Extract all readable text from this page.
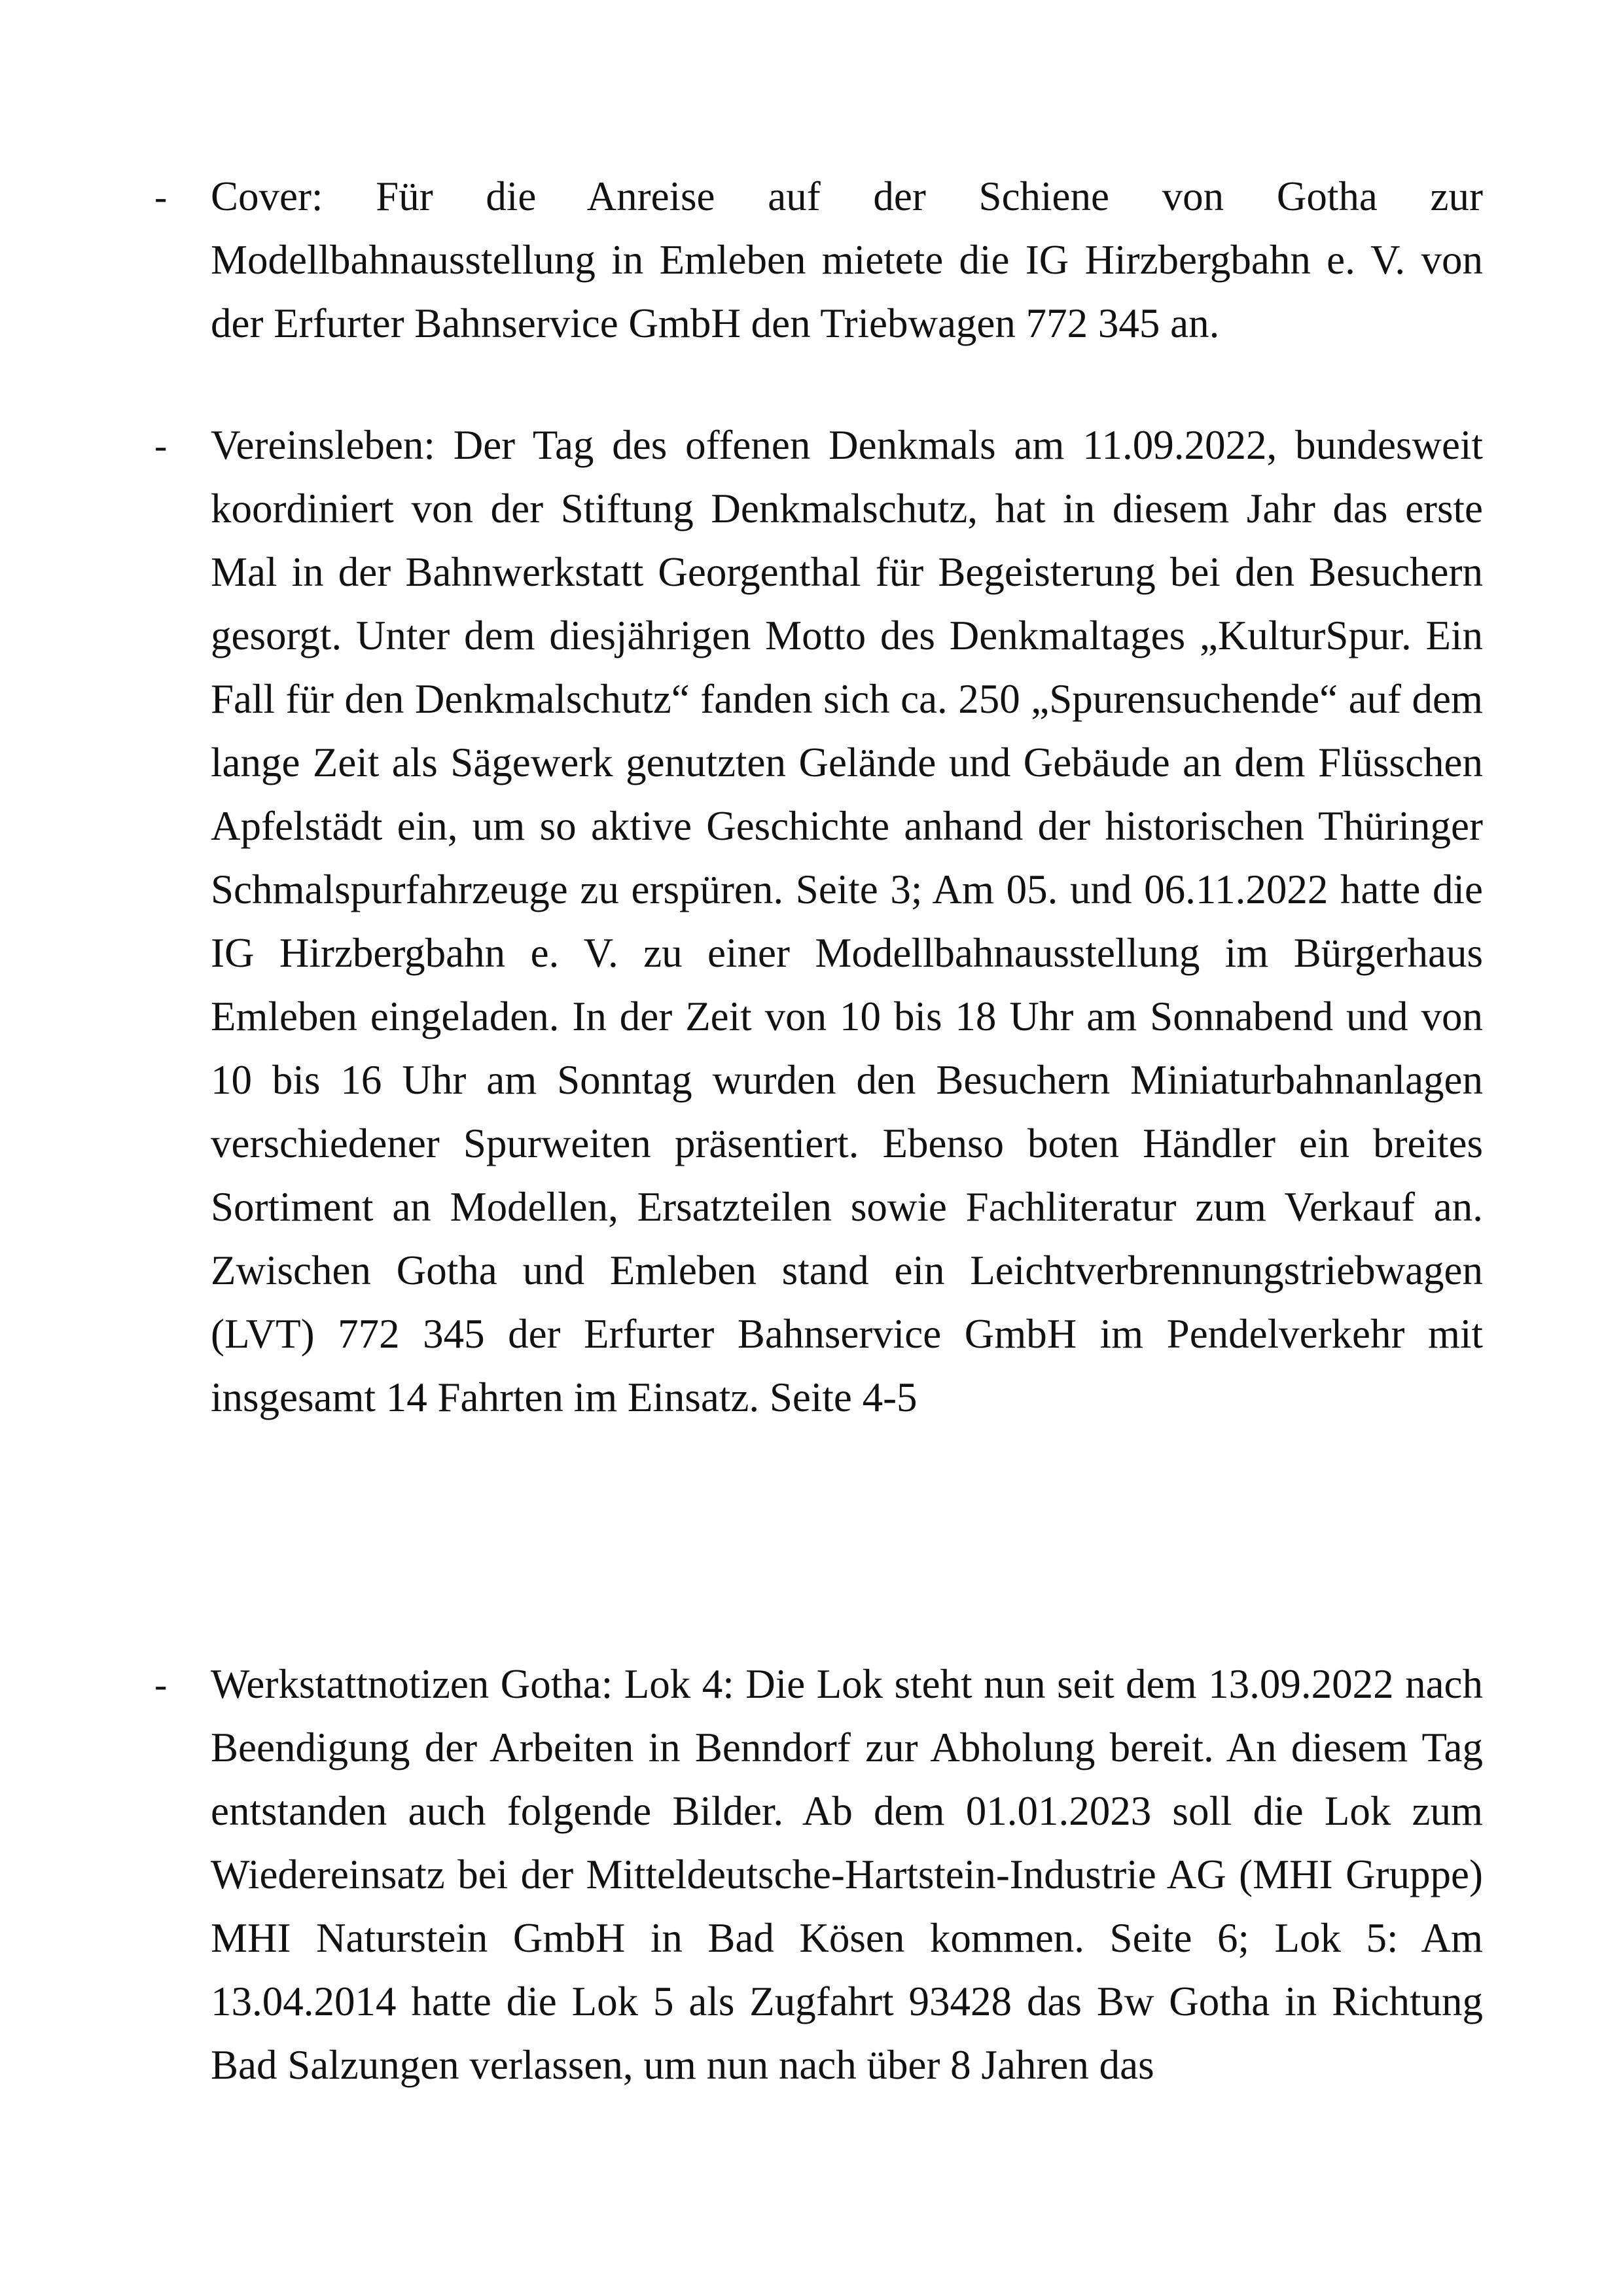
- Cover: Für die Anreise auf der Schiene von Gotha zur Modellbahnausstellung in Emleben mietete die IG Hirzbergbahn e. V. von der Erfurter Bahnservice GmbH den Triebwagen 772 345 an.

- Vereinsleben: Der Tag des offenen Denkmals am 11.09.2022, bundesweit koordiniert von der Stiftung Denkmalschutz, hat in diesem Jahr das erste Mal in der Bahnwerkstatt Georgenthal für Begeisterung bei den Besuchern gesorgt. Unter dem diesjährigen Motto des Denkmaltages „KulturSpur. Ein Fall für den Denkmalschutz“ fanden sich ca. 250 „Spurensuchende“ auf dem lange Zeit als Sägewerk genutzten Gelände und Gebäude an dem Flüsschen Apfelstädt ein, um so aktive Geschichte anhand der historischen Thüringer Schmalspurfahrzeuge zu erspüren. Seite 3; Am 05. und 06.11.2022 hatte die IG Hirzbergbahn e. V. zu einer Modellbahnausstellung im Bürgerhaus Emleben eingeladen. In der Zeit von 10 bis 18 Uhr am Sonnabend und von 10 bis 16 Uhr am Sonntag wurden den Besuchern Miniaturbahnanlagen verschiedener Spurweiten präsentiert. Ebenso boten Händler ein breites Sortiment an Modellen, Ersatzteilen sowie Fachliteratur zum Verkauf an. Zwischen Gotha und Emleben stand ein Leichtverbrennungstriebwagen (LVT) 772 345 der Erfurter Bahnservice GmbH im Pendelverkehr mit insgesamt 14 Fahrten im Einsatz. Seite 4-5

- Werkstattnotizen Gotha: Lok 4: Die Lok steht nun seit dem 13.09.2022 nach Beendigung der Arbeiten in Benndorf zur Abholung bereit. An diesem Tag entstanden auch folgende Bilder. Ab dem 01.01.2023 soll die Lok zum Wiedereinsatz bei der Mitteldeutsche-Hartstein-Industrie AG (MHI Gruppe) MHI Naturstein GmbH in Bad Kösen kommen. Seite 6; Lok 5: Am 13.04.2014 hatte die Lok 5 als Zugfahrt 93428 das Bw Gotha in Richtung Bad Salzungen verlassen, um nun nach über 8 Jahren das
